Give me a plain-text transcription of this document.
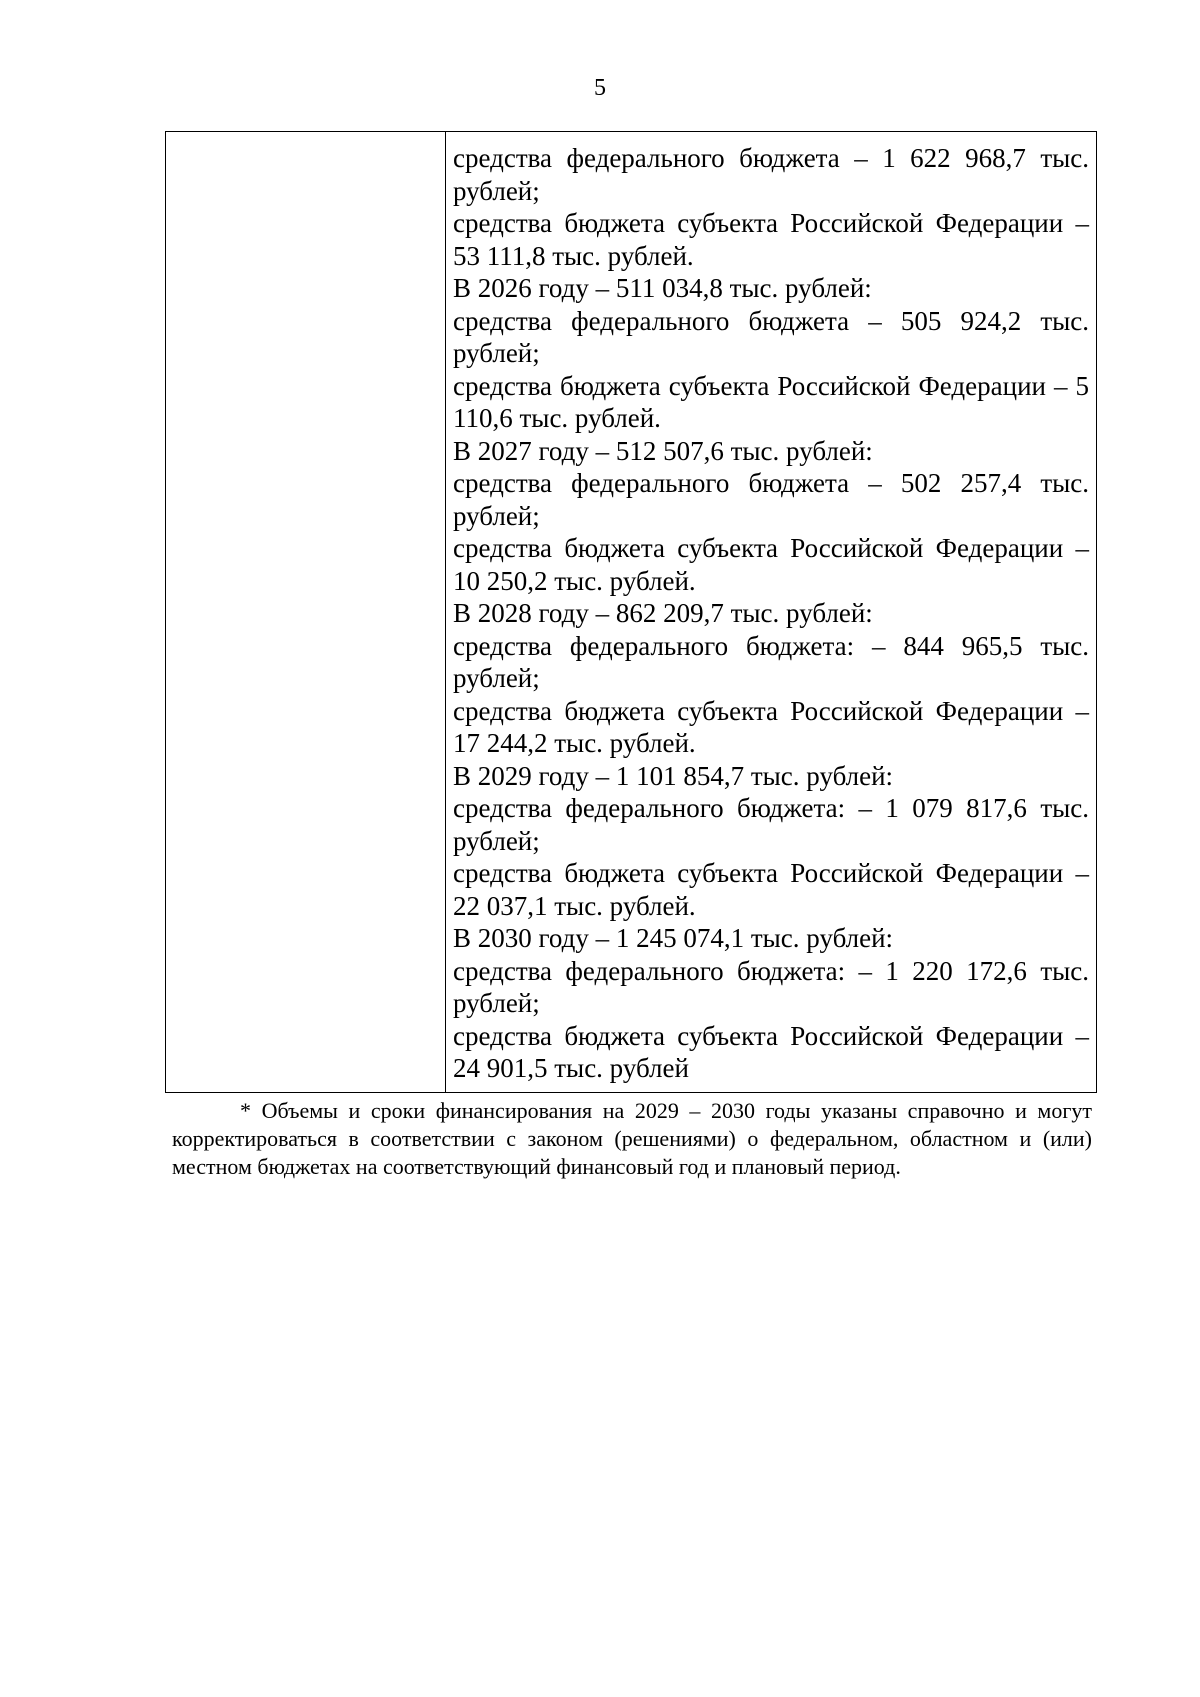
5

средства федерального бюджета – 1 622 968,7 тыс. рублей;
средства бюджета субъекта Российской Федерации – 53 111,8 тыс. рублей.
В 2026 году – 511 034,8 тыс. рублей:
средства федерального бюджета – 505 924,2 тыс. рублей;
средства бюджета субъекта Российской Федерации – 5 110,6 тыс. рублей.
В 2027 году – 512 507,6 тыс. рублей:
средства федерального бюджета – 502 257,4 тыс. рублей;
средства бюджета субъекта Российской Федерации – 10 250,2 тыс. рублей.
В 2028 году – 862 209,7 тыс. рублей:
средства федерального бюджета: – 844 965,5 тыс. рублей;
средства бюджета субъекта Российской Федерации – 17 244,2 тыс. рублей.
В 2029 году – 1 101 854,7 тыс. рублей:
средства федерального бюджета: – 1 079 817,6 тыс. рублей;
средства бюджета субъекта Российской Федерации – 22 037,1 тыс. рублей.
В 2030 году – 1 245 074,1 тыс. рублей:
средства федерального бюджета: – 1 220 172,6 тыс. рублей;
средства бюджета субъекта Российской Федерации – 24 901,5 тыс. рублей
* Объемы и сроки финансирования на 2029 – 2030 годы указаны справочно и могут корректироваться в соответствии с законом (решениями) о федеральном, областном и (или) местном бюджетах на соответствующий финансовый год и плановый период.
